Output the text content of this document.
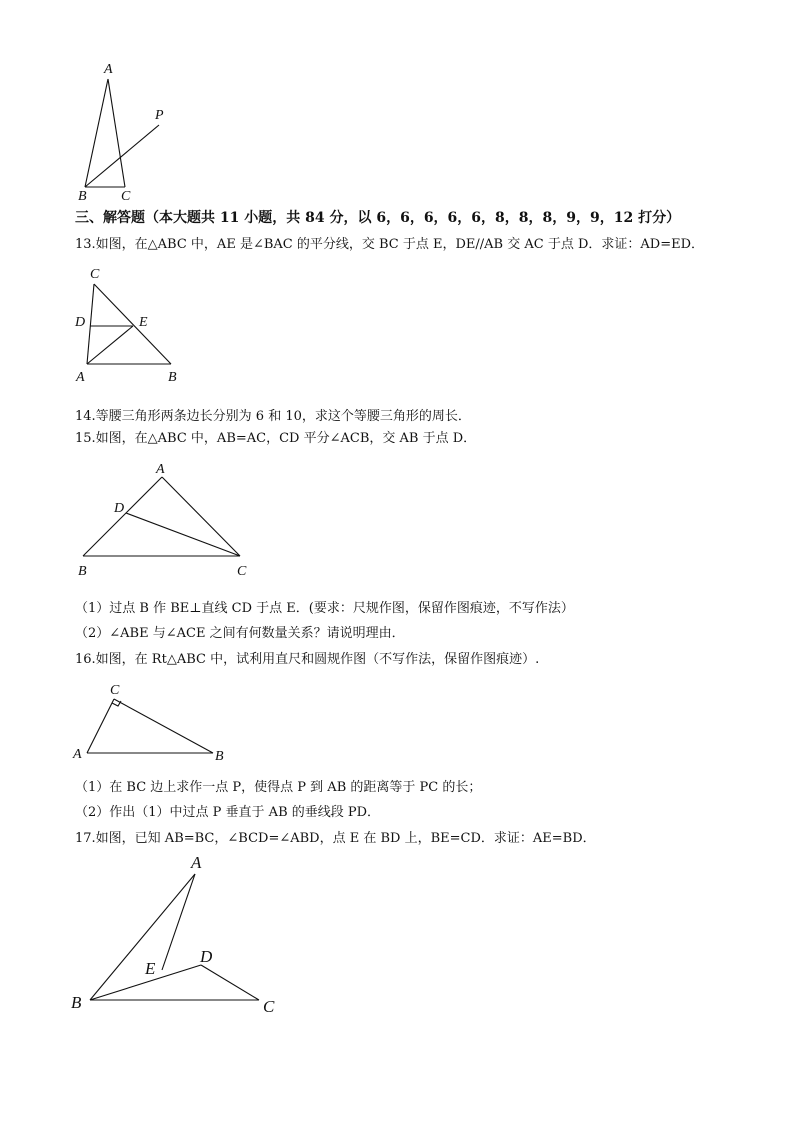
A
P
B C
三、解答题（本大题共 11 小题，共 84 分，以 6，6，6，6，6，8，8，8，9，9，12 打分）
13.如图，在△ABC 中，AE 是∠BAC 的平分线，交 BC 于点 E，DE//AB 交 AC 于点 D．求证：AD=ED．
C
D	E
A	B
14.等腰三角形两条边长分别为 6 和 10，求这个等腰三角形的周长．
15.如图，在△ABC 中，AB=AC，CD 平分∠ACB，交 AB 于点 D．
A
D
B	C
（1）过点 B 作 BE⊥直线 CD 于点 E．(要求：尺规作图，保留作图痕迹，不写作法）
（2）∠ABE 与∠ACE 之间有何数量关系？请说明理由．
16.如图，在 Rt△ABC 中，试利用直尺和圆规作图（不写作法，保留作图痕迹）.
C
A	B
（1）在 BC 边上求作一点 P，使得点 P 到 AB 的距离等于 PC 的长；
（2）作出（1）中过点 P 垂直于 AB 的垂线段 PD．
17.如图，已知 AB=BC，∠BCD=∠ABD，点 E 在 BD 上，BE=CD．求证：AE=BD．
A
E
D
B	C
